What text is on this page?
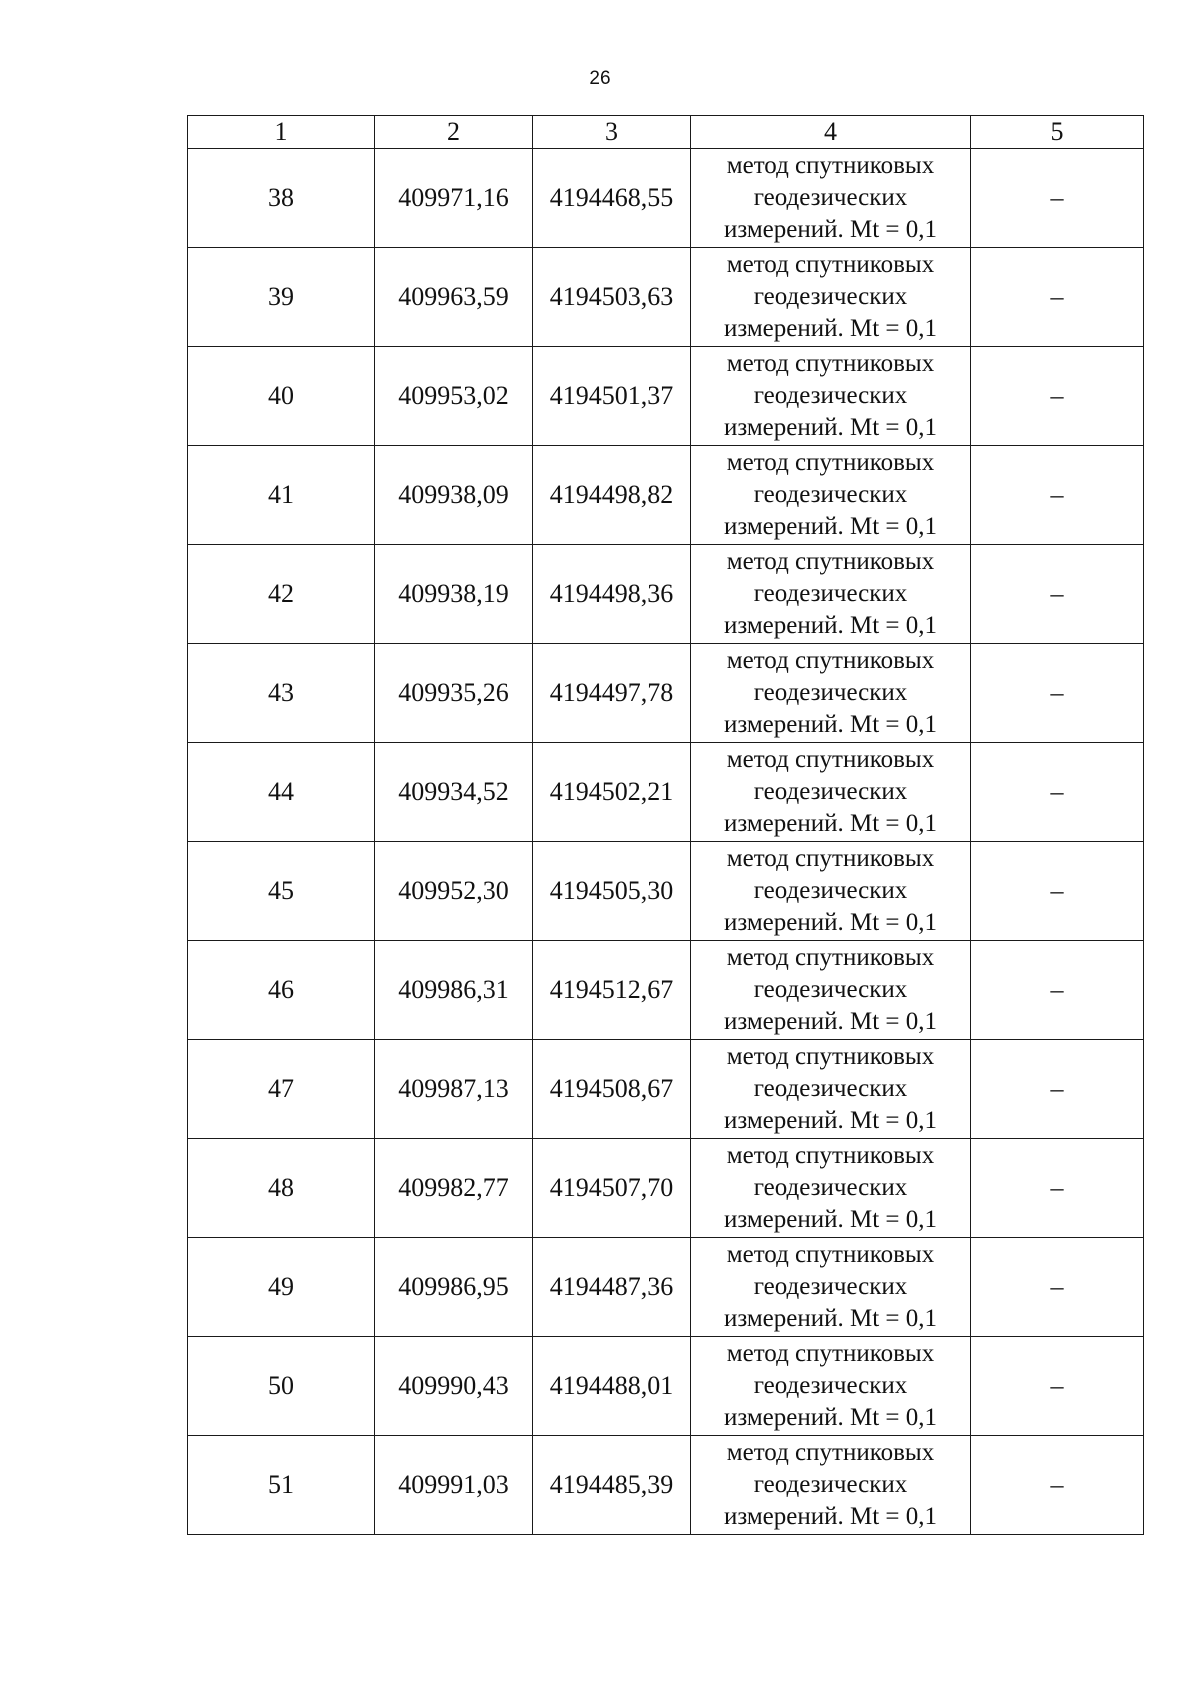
26
1	2	3	4	5
38	409971,16	4194468,55	метод спутниковых
геодезических
измерений. Mt = 0,1	–
39	409963,59	4194503,63	метод спутниковых
геодезических
измерений. Mt = 0,1	–
40	409953,02	4194501,37	метод спутниковых
геодезических
измерений. Mt = 0,1	–
41	409938,09	4194498,82	метод спутниковых
геодезических
измерений. Mt = 0,1	–
42	409938,19	4194498,36	метод спутниковых
геодезических
измерений. Mt = 0,1	–
43	409935,26	4194497,78	метод спутниковых
геодезических
измерений. Mt = 0,1	–
44	409934,52	4194502,21	метод спутниковых
геодезических
измерений. Mt = 0,1	–
45	409952,30	4194505,30	метод спутниковых
геодезических
измерений. Mt = 0,1	–
46	409986,31	4194512,67	метод спутниковых
геодезических
измерений. Mt = 0,1	–
47	409987,13	4194508,67	метод спутниковых
геодезических
измерений. Mt = 0,1	–
48	409982,77	4194507,70	метод спутниковых
геодезических
измерений. Mt = 0,1	–
49	409986,95	4194487,36	метод спутниковых
геодезических
измерений. Mt = 0,1	–
50	409990,43	4194488,01	метод спутниковых
геодезических
измерений. Mt = 0,1	–
51	409991,03	4194485,39	метод спутниковых
геодезических
измерений. Mt = 0,1	–
